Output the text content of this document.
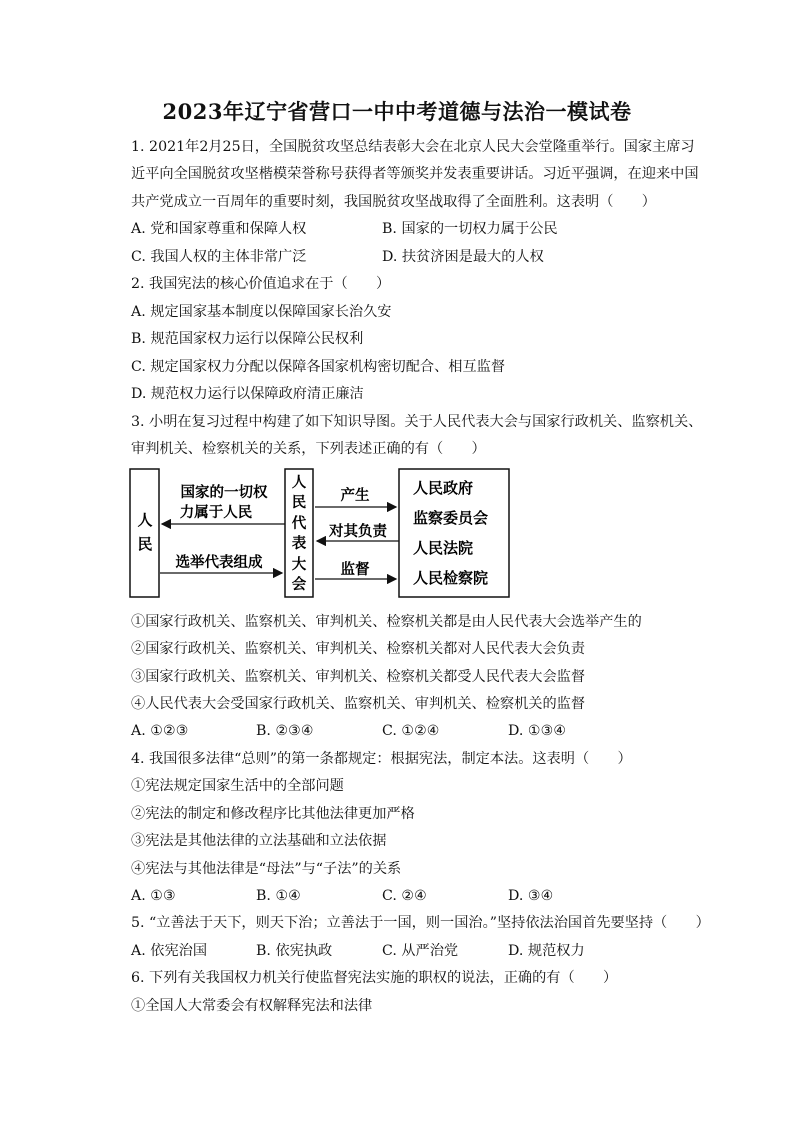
2023年辽宁省营口一中中考道德与法治一模试卷
1. 2021年2月25日，全国脱贫攻坚总结表彰大会在北京人民大会堂隆重举行。国家主席习
近平向全国脱贫攻坚楷模荣誉称号获得者等颁奖并发表重要讲话。习近平强调，在迎来中国
共产党成立一百周年的重要时刻，我国脱贫攻坚战取得了全面胜利。这表明（　　）
A. 党和国家尊重和保障人权	B. 国家的一切权力属于公民
C. 我国人权的主体非常广泛	D. 扶贫济困是最大的人权
2. 我国宪法的核心价值追求在于（　　）
A. 规定国家基本制度以保障国家长治久安
B. 规范国家权力运行以保障公民权利
C. 规定国家权力分配以保障各国家机构密切配合、相互监督
D. 规范权力运行以保障政府清正廉洁
3. 小明在复习过程中构建了如下知识导图。关于人民代表大会与国家行政机关、监察机关、
审判机关、检察机关的关系，下列表述正确的有（　　）
人
民
国家的一切权
力属于人民
选举代表组成
人
民
代
表
大
会
产生
对其负责
监督
人民政府
监察委员会
人民法院
人民检察院
①国家行政机关、监察机关、审判机关、检察机关都是由人民代表大会选举产生的
②国家行政机关、监察机关、审判机关、检察机关都对人民代表大会负责
③国家行政机关、监察机关、审判机关、检察机关都受人民代表大会监督
④人民代表大会受国家行政机关、监察机关、审判机关、检察机关的监督
A. ①②③	B. ②③④	C. ①②④	D. ①③④
4. 我国很多法律“总则”的第一条都规定：根据宪法，制定本法。这表明（　　）
①宪法规定国家生活中的全部问题
②宪法的制定和修改程序比其他法律更加严格
③宪法是其他法律的立法基础和立法依据
④宪法与其他法律是“母法”与“子法”的关系
A. ①③	B. ①④	C. ②④	D. ③④
5. “立善法于天下，则天下治；立善法于一国，则一国治。”坚持依法治国首先要坚持（　　）
A. 依宪治国	B. 依宪执政	C. 从严治党	D. 规范权力
6. 下列有关我国权力机关行使监督宪法实施的职权的说法，正确的有（　　）
①全国人大常委会有权解释宪法和法律
